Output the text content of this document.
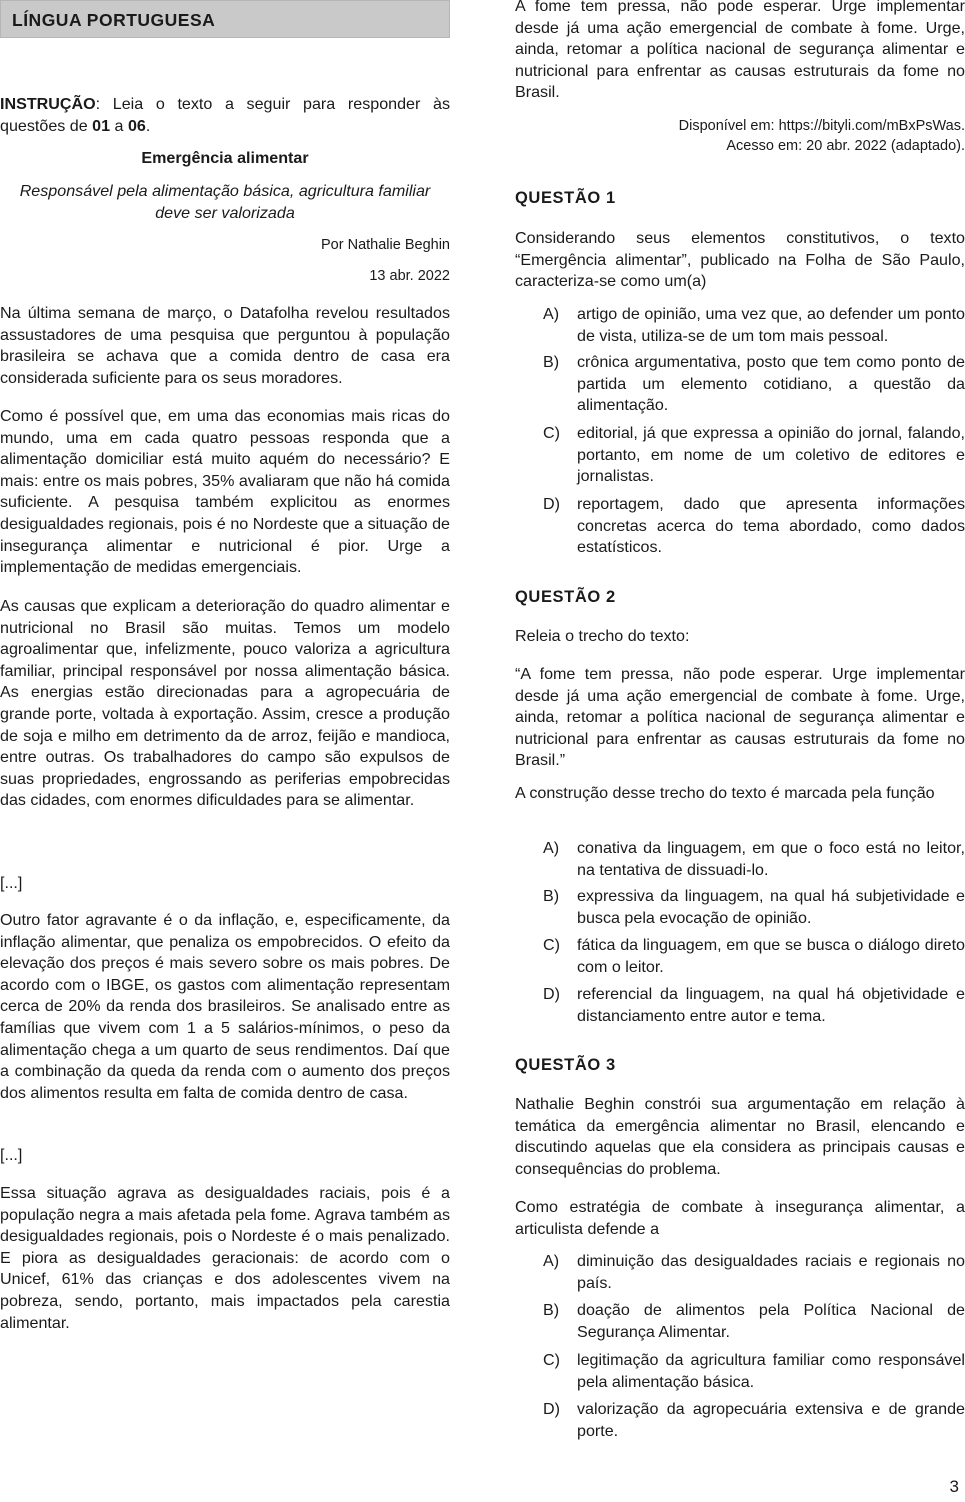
LÍNGUA PORTUGUESA

INSTRUÇÃO: Leia o texto a seguir para responder às questões de 01 a 06.

Emergência alimentar

Responsável pela alimentação básica, agricultura familiar deve ser valorizada

Por Nathalie Beghin

13 abr. 2022

Na última semana de março, o Datafolha revelou resultados assustadores de uma pesquisa que perguntou à população brasileira se achava que a comida dentro de casa era considerada suficiente para os seus moradores.

Como é possível que, em uma das economias mais ricas do mundo, uma em cada quatro pessoas responda que a alimentação domiciliar está muito aquém do necessário? E mais: entre os mais pobres, 35% avaliaram que não há comida suficiente. A pesquisa também explicitou as enormes desigualdades regionais, pois é no Nordeste que a situação de insegurança alimentar e nutricional é pior. Urge a implementação de medidas emergenciais.

As causas que explicam a deterioração do quadro alimentar e nutricional no Brasil são muitas. Temos um modelo agroalimentar que, infelizmente, pouco valoriza a agricultura familiar, principal responsável por nossa alimentação básica. As energias estão direcionadas para a agropecuária de grande porte, voltada à exportação. Assim, cresce a produção de soja e milho em detrimento da de arroz, feijão e mandioca, entre outras. Os trabalhadores do campo são expulsos de suas propriedades, engrossando as periferias empobrecidas das cidades, com enormes dificuldades para se alimentar.

[...]

Outro fator agravante é o da inflação, e, especificamente, da inflação alimentar, que penaliza os empobrecidos. O efeito da elevação dos preços é mais severo sobre os mais pobres. De acordo com o IBGE, os gastos com alimentação representam cerca de 20% da renda dos brasileiros. Se analisado entre as famílias que vivem com 1 a 5 salários-mínimos, o peso da alimentação chega a um quarto de seus rendimentos. Daí que a combinação da queda da renda com o aumento dos preços dos alimentos resulta em falta de comida dentro de casa.

[...]

Essa situação agrava as desigualdades raciais, pois é a população negra a mais afetada pela fome. Agrava também as desigualdades regionais, pois o Nordeste é o mais penalizado. E piora as desigualdades geracionais: de acordo com o Unicef, 61% das crianças e dos adolescentes vivem na pobreza, sendo, portanto, mais impactados pela carestia alimentar.

A fome tem pressa, não pode esperar. Urge implementar desde já uma ação emergencial de combate à fome. Urge, ainda, retomar a política nacional de segurança alimentar e nutricional para enfrentar as causas estruturais da fome no Brasil.

Disponível em: https://bityli.com/mBxPsWas.

Acesso em: 20 abr. 2022 (adaptado).

QUESTÃO 1

Considerando seus elementos constitutivos, o texto “Emergência alimentar”, publicado na Folha de São Paulo, caracteriza-se como um(a)

A)	artigo de opinião, uma vez que, ao defender um ponto de vista, utiliza-se de um tom mais pessoal.

B)	crônica argumentativa, posto que tem como ponto de partida um elemento cotidiano, a questão da alimentação.

C)	editorial, já que expressa a opinião do jornal, falando, portanto, em nome de um coletivo de editores e jornalistas.

D)	reportagem, dado que apresenta informações concretas acerca do tema abordado, como dados estatísticos.

QUESTÃO 2

Releia o trecho do texto:

“A fome tem pressa, não pode esperar. Urge implementar desde já uma ação emergencial de combate à fome. Urge, ainda, retomar a política nacional de segurança alimentar e nutricional para enfrentar as causas estruturais da fome no Brasil.”

A construção desse trecho do texto é marcada pela função

A)	conativa da linguagem, em que o foco está no leitor, na tentativa de dissuadi-lo.

B)	expressiva da linguagem, na qual há subjetividade e busca pela evocação de opinião.

C)	fática da linguagem, em que se busca o diálogo direto com o leitor.

D)	referencial da linguagem, na qual há objetividade e distanciamento entre autor e tema.

QUESTÃO 3

Nathalie Beghin constrói sua argumentação em relação à temática da emergência alimentar no Brasil, elencando e discutindo aquelas que ela considera as principais causas e consequências do problema.

Como estratégia de combate à insegurança alimentar, a articulista defende a

A)	diminuição das desigualdades raciais e regionais no país.

B)	doação de alimentos pela Política Nacional de Segurança Alimentar.

C)	legitimação da agricultura familiar como responsável pela alimentação básica.

D)	valorização da agropecuária extensiva e de grande porte.

3
